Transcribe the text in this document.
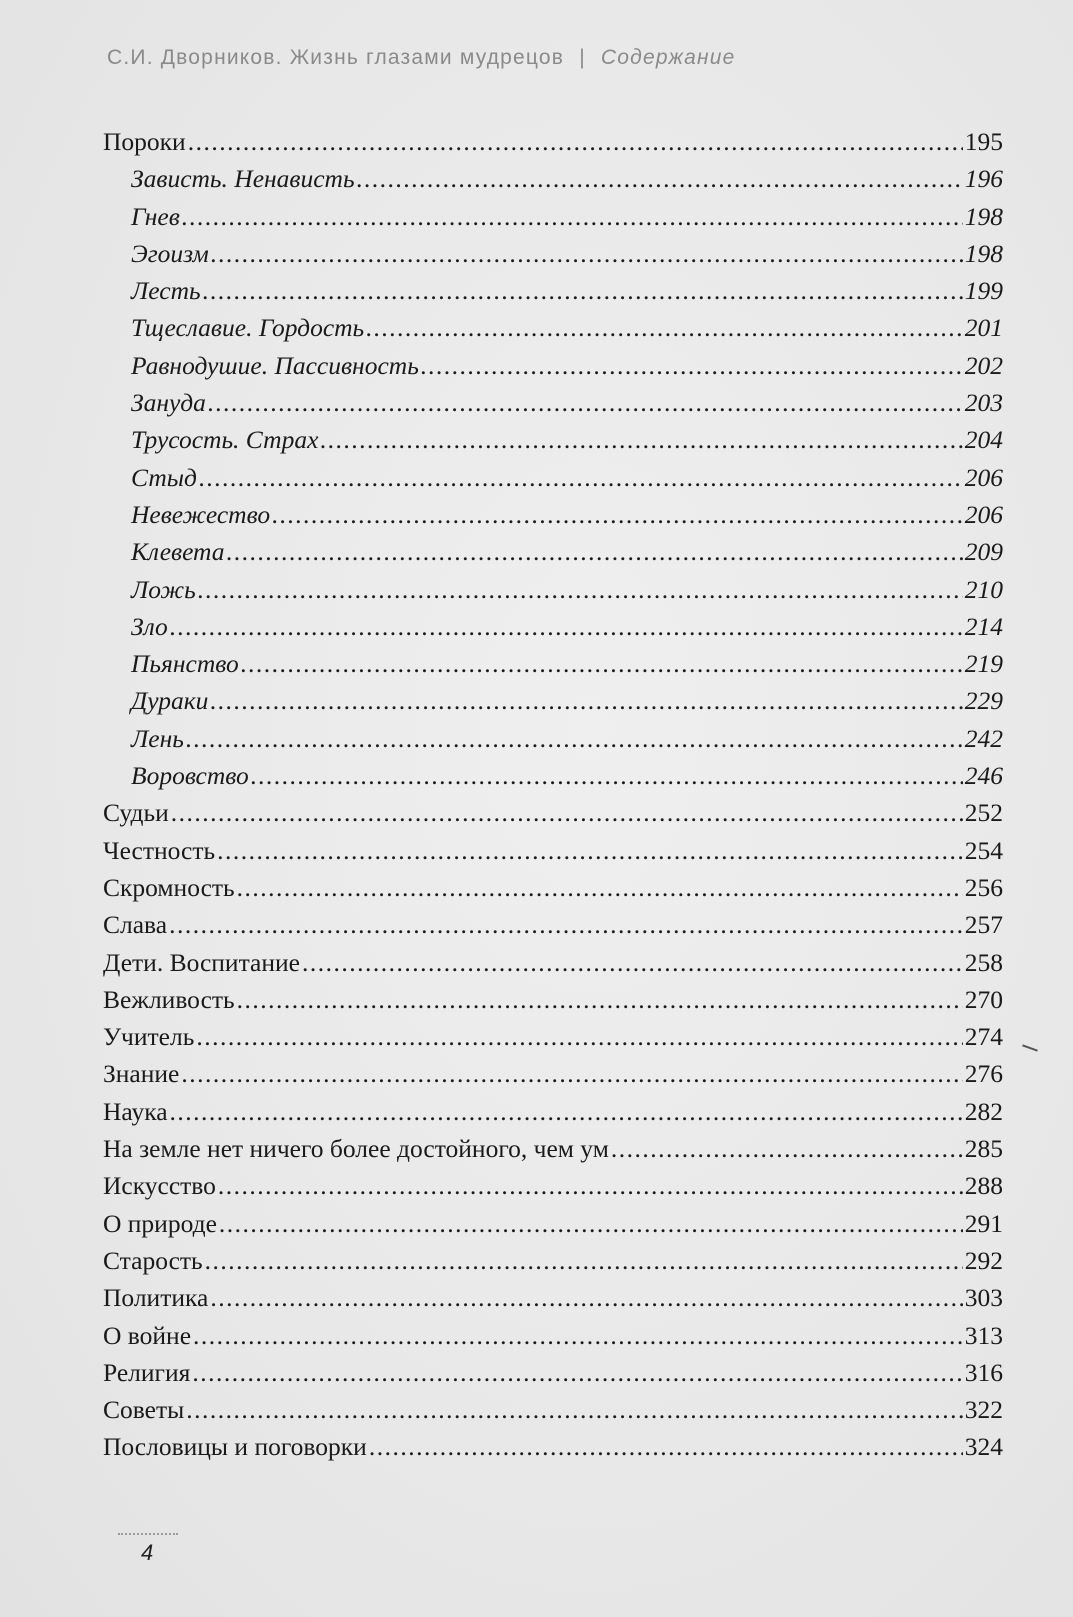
С.И. Дворников. Жизнь глазами мудрецов | Содержание
Пороки .....	195
Зависть. Ненависть .....	196
Гнев .....	198
Эгоизм .....	198
Лесть .....	199
Тщеславие. Гордость .....	201
Равнодушие. Пассивность .....	202
Зануда .....	203
Трусость. Страх .....	204
Стыд .....	206
Невежество .....	206
Клевета .....	209
Ложь .....	210
Зло .....	214
Пьянство .....	219
Дураки .....	229
Лень .....	242
Воровство .....	246
Судьи .....	252
Честность .....	254
Скромность .....	256
Слава .....	257
Дети. Воспитание .....	258
Вежливость .....	270
Учитель .....	274
Знание .....	276
Наука .....	282
На земле нет ничего более достойного, чем ум .....	285
Искусство .....	288
О природе .....	291
Старость .....	292
Политика .....	303
О войне .....	313
Религия .....	316
Советы .....	322
Пословицы и поговорки .....	324
4
